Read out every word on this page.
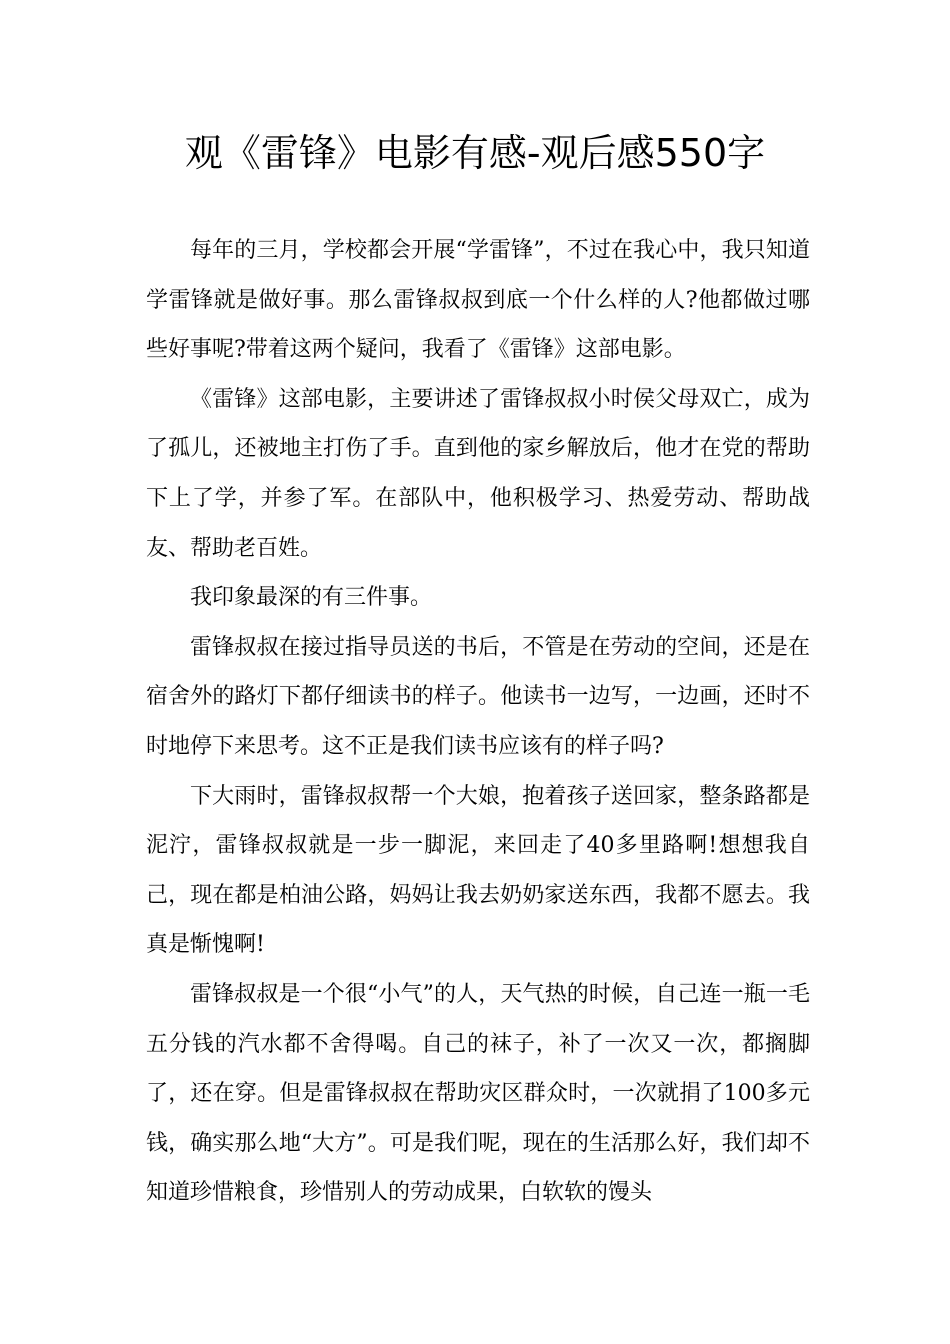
观《雷锋》电影有感-观后感550字

每年的三月，学校都会开展“学雷锋”，不过在我心中，我只知道学雷锋就是做好事。那么雷锋叔叔到底一个什么样的人?他都做过哪些好事呢?带着这两个疑问，我看了《雷锋》这部电影。

《雷锋》这部电影，主要讲述了雷锋叔叔小时侯父母双亡，成为了孤儿，还被地主打伤了手。直到他的家乡解放后，他才在党的帮助下上了学，并参了军。在部队中，他积极学习、热爱劳动、帮助战友、帮助老百姓。

我印象最深的有三件事。

雷锋叔叔在接过指导员送的书后，不管是在劳动的空间，还是在宿舍外的路灯下都仔细读书的样子。他读书一边写，一边画，还时不时地停下来思考。这不正是我们读书应该有的样子吗?

下大雨时，雷锋叔叔帮一个大娘，抱着孩子送回家，整条路都是泥泞，雷锋叔叔就是一步一脚泥，来回走了40多里路啊!想想我自己，现在都是柏油公路，妈妈让我去奶奶家送东西，我都不愿去。我真是惭愧啊!

雷锋叔叔是一个很“小气”的人，天气热的时候，自己连一瓶一毛五分钱的汽水都不舍得喝。自己的袜子，补了一次又一次，都搁脚了，还在穿。但是雷锋叔叔在帮助灾区群众时，一次就捐了100多元钱，确实那么地“大方”。可是我们呢，现在的生活那么好，我们却不知道珍惜粮食，珍惜别人的劳动成果，白软软的馒头
